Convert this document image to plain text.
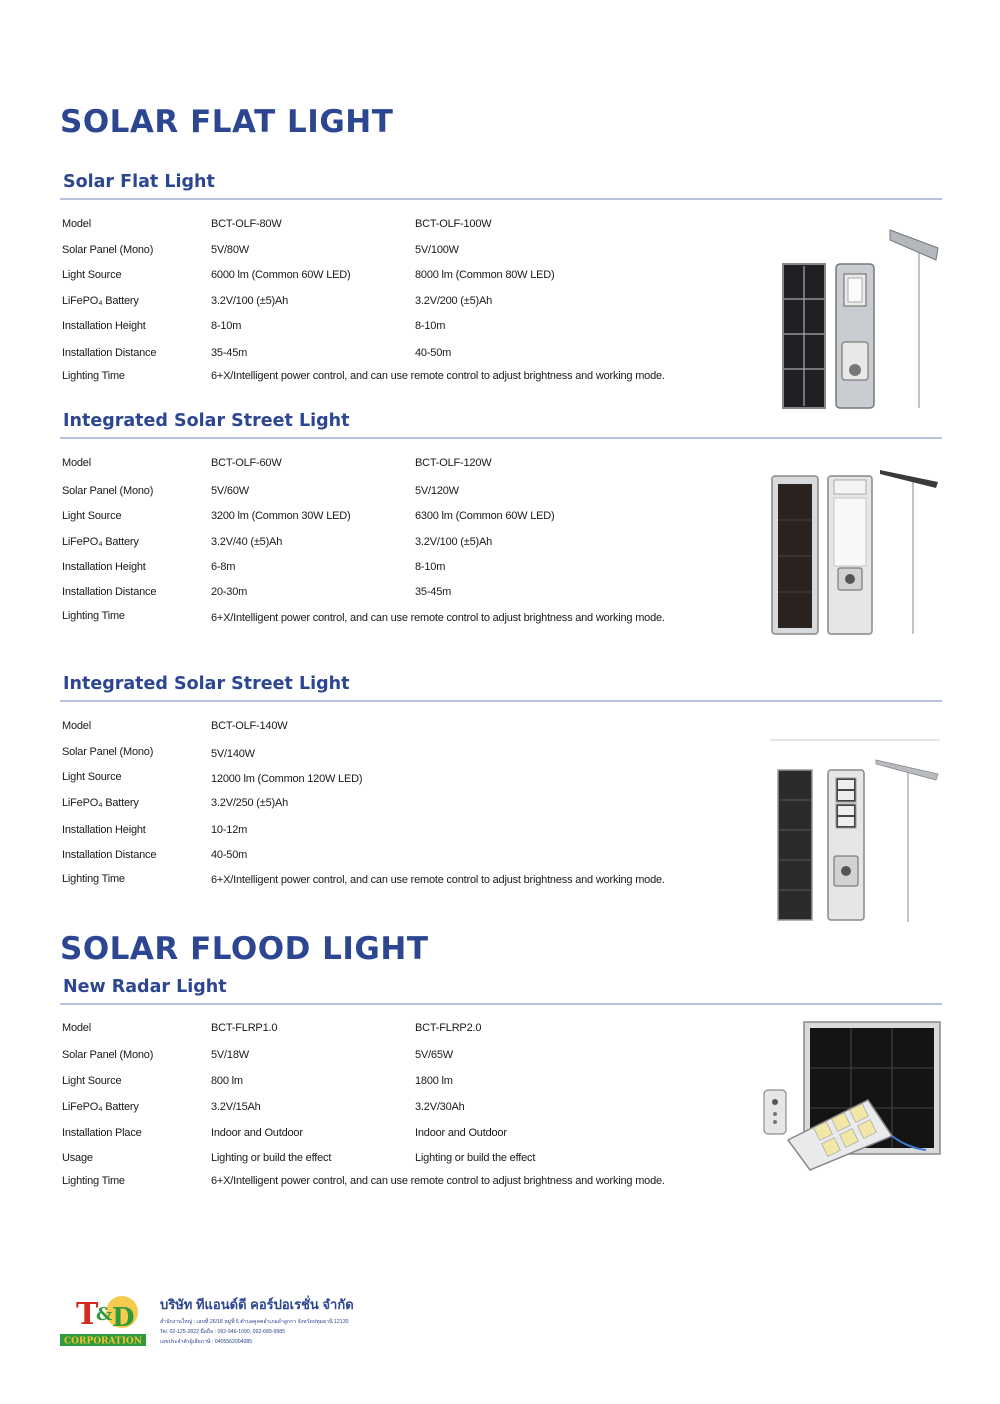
SOLAR FLAT LIGHT
Solar Flat Light
Model	BCT-OLF-80W	BCT-OLF-100W
Solar Panel (Mono)	5V/80W	5V/100W
Light Source	6000 lm (Common 60W LED)	8000 lm (Common 80W LED)
LiFePO₄ Battery	3.2V/100 (±5)Ah	3.2V/200 (±5)Ah
Installation Height	8-10m	8-10m
Installation Distance	35-45m	40-50m
Lighting Time	6+X/Intelligent power control, and can use remote control to adjust brightness and working mode.
Integrated Solar Street Light
Model	BCT-OLF-60W	BCT-OLF-120W
Solar Panel (Mono)	5V/60W	5V/120W
Light Source	3200 lm (Common 30W LED)	6300 lm (Common 60W LED)
LiFePO₄ Battery	3.2V/40 (±5)Ah	3.2V/100 (±5)Ah
Installation Height	6-8m	8-10m
Installation Distance	20-30m	35-45m
Lighting Time	6+X/Intelligent power control, and can use remote control to adjust brightness and working mode.
Integrated Solar Street Light
Model	BCT-OLF-140W
Solar Panel (Mono)	5V/140W
Light Source	12000 lm (Common 120W LED)
LiFePO₄ Battery	3.2V/250 (±5)Ah
Installation Height	10-12m
Installation Distance	40-50m
Lighting Time	6+X/Intelligent power control, and can use remote control to adjust brightness and working mode.
SOLAR FLOOD LIGHT
New Radar Light
Model	BCT-FLRP1.0	BCT-FLRP2.0
Solar Panel (Mono)	5V/18W	5V/65W
Light Source	800 lm	1800 lm
LiFePO₄ Battery	3.2V/15Ah	3.2V/30Ah
Installation Place	Indoor and Outdoor	Indoor and Outdoor
Usage	Lighting or build the effect	Lighting or build the effect
Lighting Time	6+X/Intelligent power control, and can use remote control to adjust brightness and working mode.
T
& D
CORPORATION
บริษัท ทีแอนด์ดี คอร์ปอเรชั่น จำกัด
สำนักงานใหญ่ : เลขที่ 26/18 หมู่ที่ 5 ตำบลคูคตอำเภอลำลูกกา จังหวัดปทุมธานี 12130
Tel. 02-125-2822 มือถือ : 092-946-1090, 092-689-9985
เลขประจำตัวผู้เสียภาษี : 0405562004085
